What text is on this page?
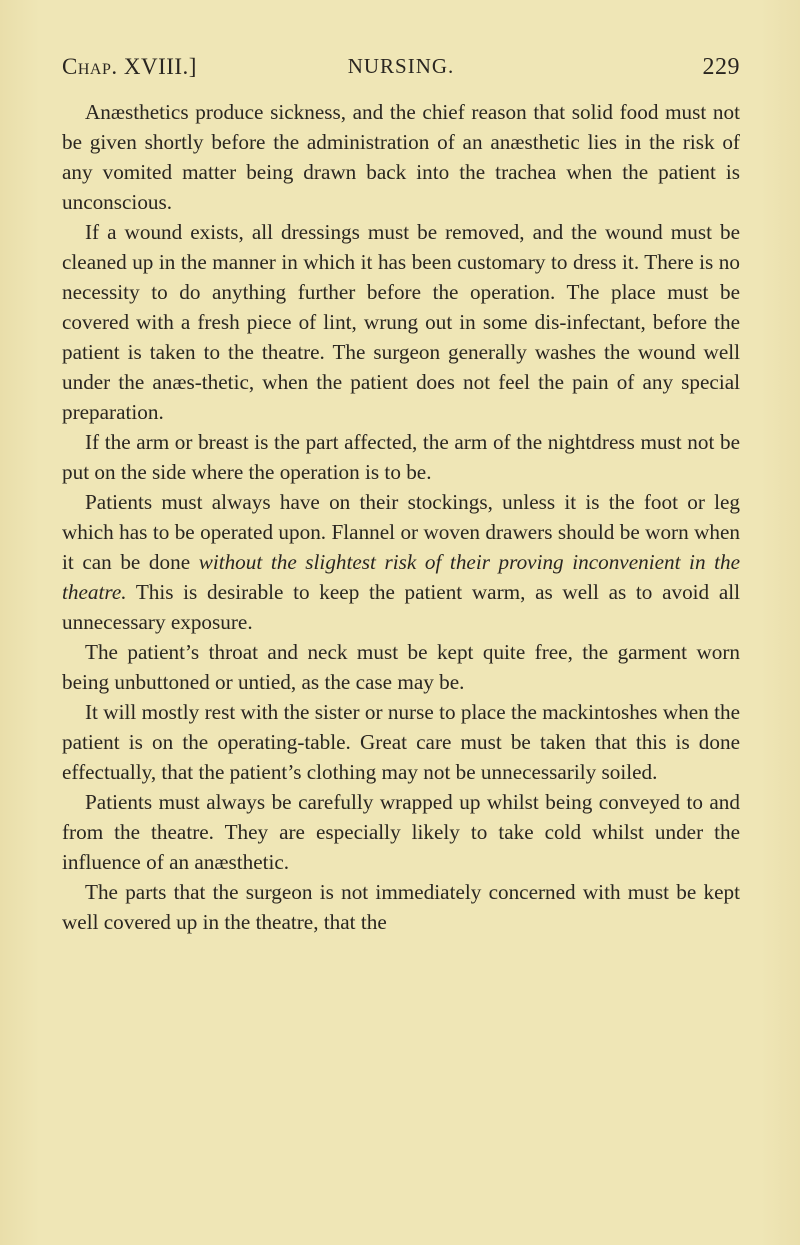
Chap. XVIII.]	NURSING.	229

Anæsthetics produce sickness, and the chief reason that solid food must not be given shortly before the administration of an anæsthetic lies in the risk of any vomited matter being drawn back into the trachea when the patient is unconscious.

If a wound exists, all dressings must be removed, and the wound must be cleaned up in the manner in which it has been customary to dress it. There is no necessity to do anything further before the operation. The place must be covered with a fresh piece of lint, wrung out in some dis-infectant, before the patient is taken to the theatre. The surgeon generally washes the wound well under the anæs-thetic, when the patient does not feel the pain of any special preparation.

If the arm or breast is the part affected, the arm of the nightdress must not be put on the side where the operation is to be.

Patients must always have on their stockings, unless it is the foot or leg which has to be operated upon. Flannel or woven drawers should be worn when it can be done without the slightest risk of their proving inconvenient in the theatre. This is desirable to keep the patient warm, as well as to avoid all unnecessary exposure.

The patient’s throat and neck must be kept quite free, the garment worn being unbuttoned or untied, as the case may be.

It will mostly rest with the sister or nurse to place the mackintoshes when the patient is on the operating-table. Great care must be taken that this is done effectually, that the patient’s clothing may not be unnecessarily soiled.

Patients must always be carefully wrapped up whilst being conveyed to and from the theatre. They are especially likely to take cold whilst under the influence of an anæsthetic.

The parts that the surgeon is not immediately concerned with must be kept well covered up in the theatre, that the
